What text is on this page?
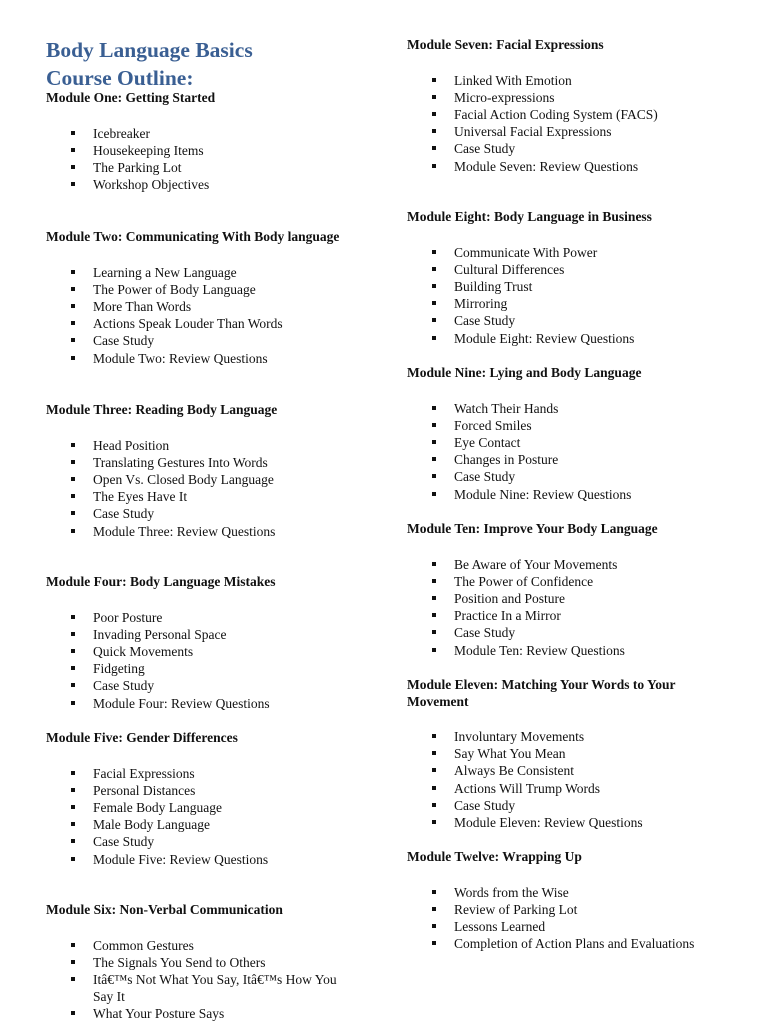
Body Language Basics
Course Outline:
Module One: Getting Started
Icebreaker
Housekeeping Items
The Parking Lot
Workshop Objectives
Module Two: Communicating With Body language
Learning a New Language
The Power of Body Language
More Than Words
Actions Speak Louder Than Words
Case Study
Module Two: Review Questions
Module Three: Reading Body Language
Head Position
Translating Gestures Into Words
Open Vs. Closed Body Language
The Eyes Have It
Case Study
Module Three: Review Questions
Module Four: Body Language Mistakes
Poor Posture
Invading Personal Space
Quick Movements
Fidgeting
Case Study
Module Four: Review Questions
Module Five: Gender Differences
Facial Expressions
Personal Distances
Female Body Language
Male Body Language
Case Study
Module Five: Review Questions
Module Six: Non-Verbal Communication
Common Gestures
The Signals You Send to Others
Itâ€™s Not What You Say, Itâ€™s How You Say It
What Your Posture Says
Module Seven: Facial Expressions
Linked With Emotion
Micro-expressions
Facial Action Coding System (FACS)
Universal Facial Expressions
Case Study
Module Seven: Review Questions
Module Eight: Body Language in Business
Communicate With Power
Cultural Differences
Building Trust
Mirroring
Case Study
Module Eight: Review Questions
Module Nine: Lying and Body Language
Watch Their Hands
Forced Smiles
Eye Contact
Changes in Posture
Case Study
Module Nine: Review Questions
Module Ten: Improve Your Body Language
Be Aware of Your Movements
The Power of Confidence
Position and Posture
Practice In a Mirror
Case Study
Module Ten: Review Questions
Module Eleven: Matching Your Words to Your Movement
Involuntary Movements
Say What You Mean
Always Be Consistent
Actions Will Trump Words
Case Study
Module Eleven: Review Questions
Module Twelve: Wrapping Up
Words from the Wise
Review of Parking Lot
Lessons Learned
Completion of Action Plans and Evaluations
